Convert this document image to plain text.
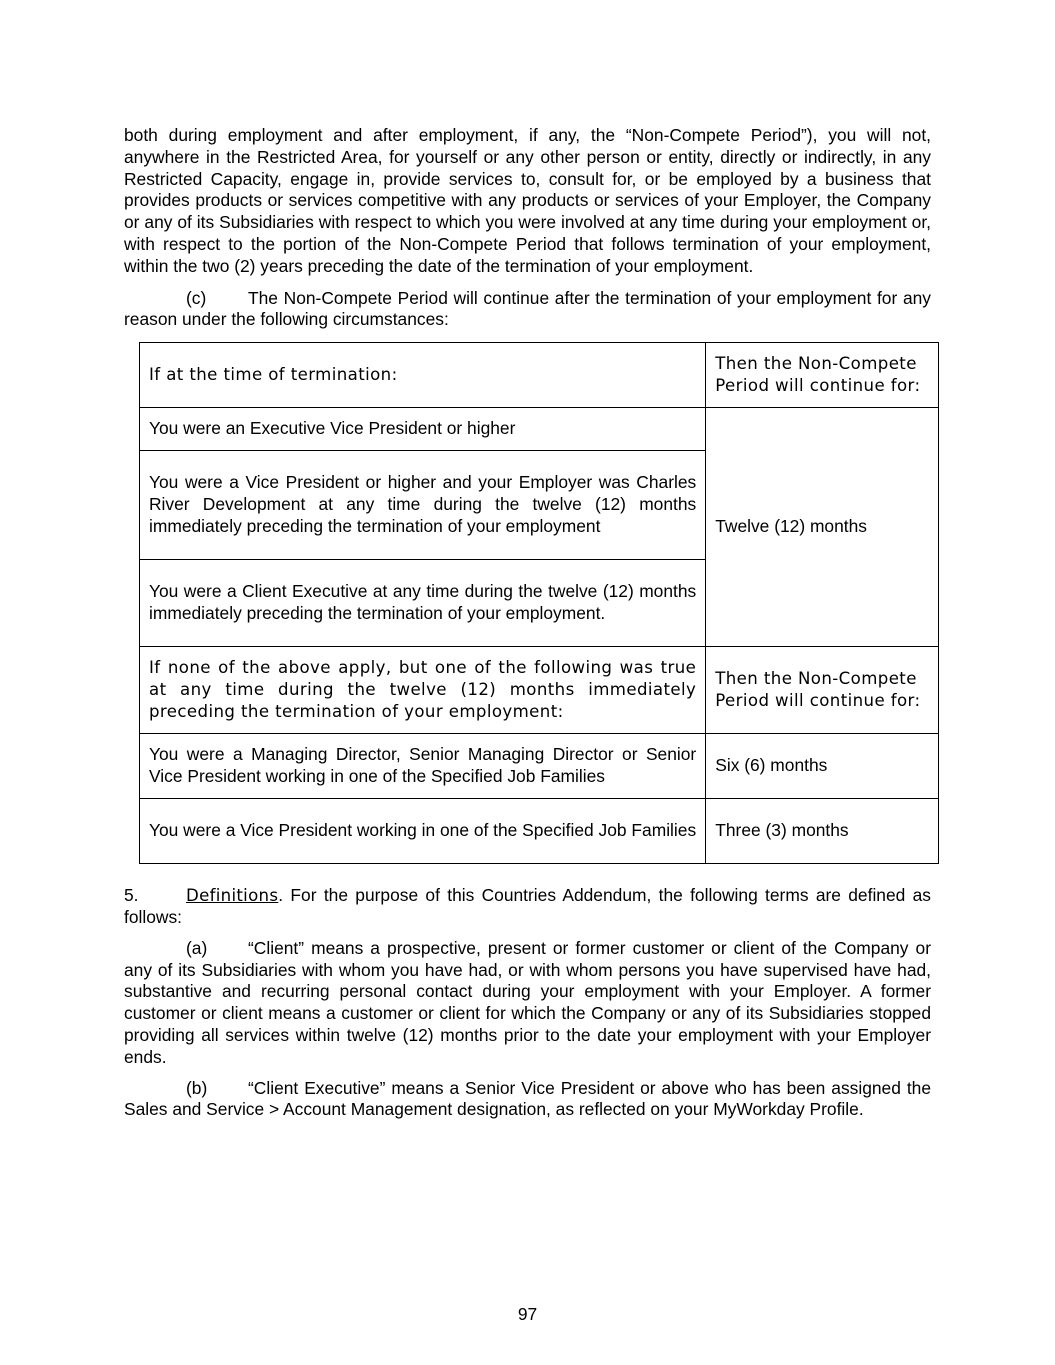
both during employment and after employment, if any, the “Non-Compete Period”), you will not, anywhere in the Restricted Area, for yourself or any other person or entity, directly or indirectly, in any Restricted Capacity, engage in, provide services to, consult for, or be employed by a business that provides products or services competitive with any products or services of your Employer, the Company or any of its Subsidiaries with respect to which you were involved at any time during your employment or, with respect to the portion of the Non-Compete Period that follows termination of your employment, within the two (2) years preceding the date of the termination of your employment.

(c) The Non-Compete Period will continue after the termination of your employment for any reason under the following circumstances:

If at the time of termination:	Then the Non-Compete Period will continue for:
You were an Executive Vice President or higher	Twelve (12) months
You were a Vice President or higher and your Employer was Charles River Development at any time during the twelve (12) months immediately preceding the termination of your employment	
You were a Client Executive at any time during the twelve (12) months immediately preceding the termination of your employment.	
If none of the above apply, but one of the following was true at any time during the twelve (12) months immediately preceding the termination of your employment:	Then the Non-Compete Period will continue for:
You were a Managing Director, Senior Managing Director or Senior Vice President working in one of the Specified Job Families	Six (6) months
You were a Vice President working in one of the Specified Job Families	Three (3) months

5.	Definitions. For the purpose of this Countries Addendum, the following terms are defined as follows:

(a) “Client” means a prospective, present or former customer or client of the Company or any of its Subsidiaries with whom you have had, or with whom persons you have supervised have had, substantive and recurring personal contact during your employment with your Employer. A former customer or client means a customer or client for which the Company or any of its Subsidiaries stopped providing all services within twelve (12) months prior to the date your employment with your Employer ends.

(b) “Client Executive” means a Senior Vice President or above who has been assigned the Sales and Service > Account Management designation, as reflected on your MyWorkday Profile.

97
